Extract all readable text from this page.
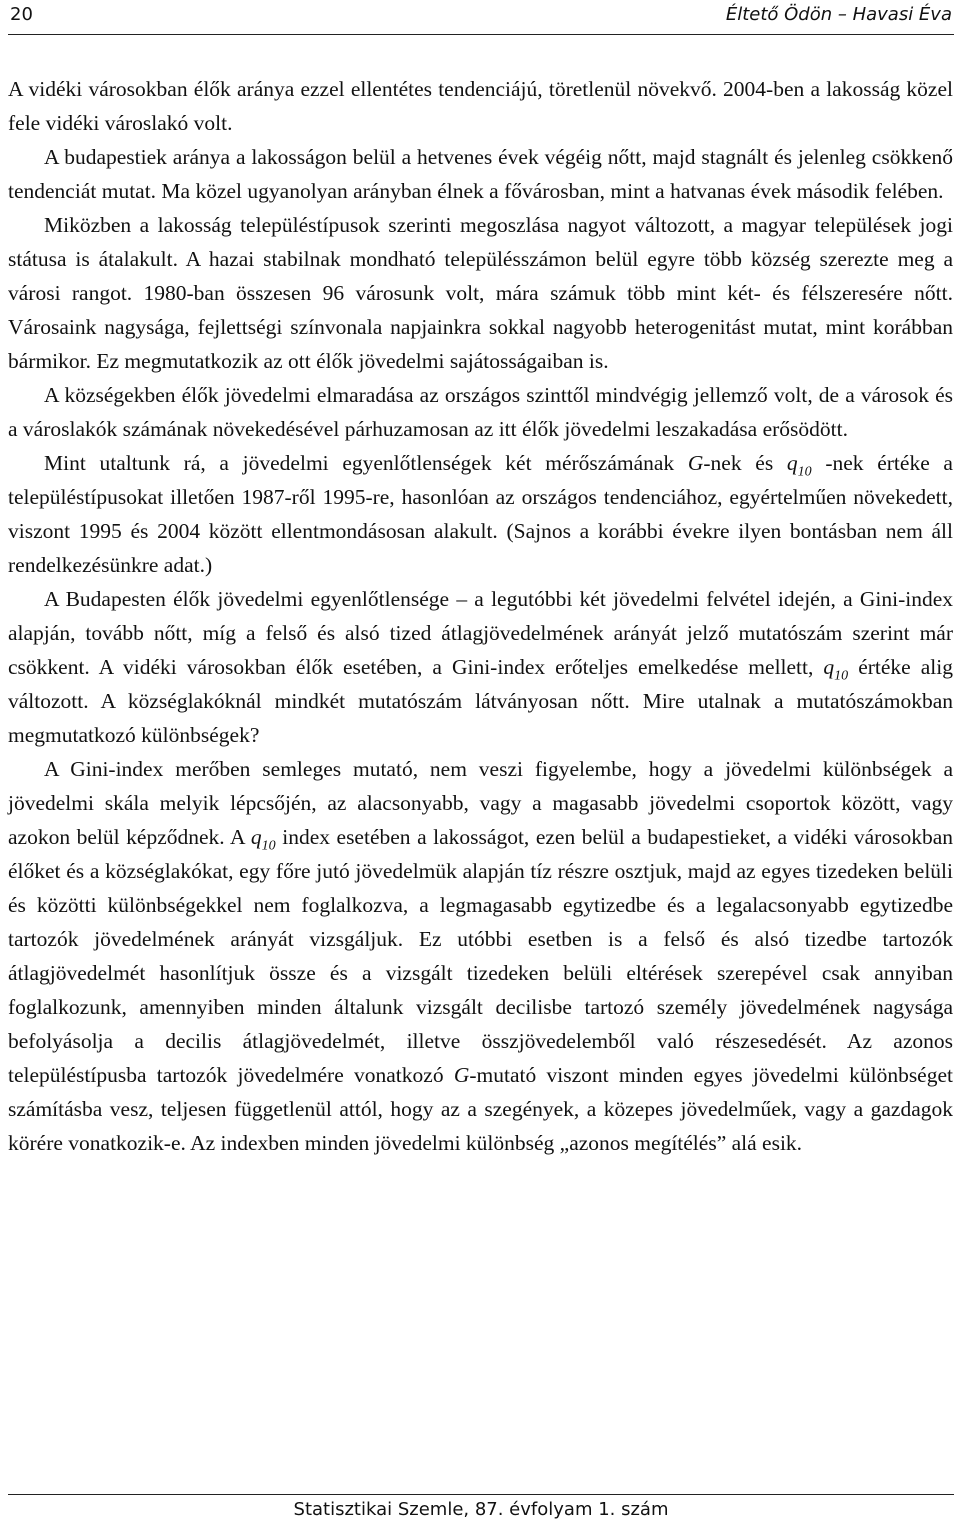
20	Éltető Ödön – Havasi Éva

A vidéki városokban élők aránya ezzel ellentétes tendenciájú, töretlenül növekvő. 2004-ben a lakosság közel fele vidéki városlakó volt.

A budapestiek aránya a lakosságon belül a hetvenes évek végéig nőtt, majd stagnált és jelenleg csökkenő tendenciát mutat. Ma közel ugyanolyan arányban élnek a fővárosban, mint a hatvanas évek második felében.

Miközben a lakosság településtípusok szerinti megoszlása nagyot változott, a magyar települések jogi státusa is átalakult. A hazai stabilnak mondható településszámon belül egyre több község szerezte meg a városi rangot. 1980-ban összesen 96 városunk volt, mára számuk több mint két- és félszeresére nőtt. Városaink nagysága, fejlettségi színvonala napjainkra sokkal nagyobb heterogenitást mutat, mint korábban bármikor. Ez megmutatkozik az ott élők jövedelmi sajátosságaiban is.

A községekben élők jövedelmi elmaradása az országos szinttől mindvégig jellemző volt, de a városok és a városlakók számának növekedésével párhuzamosan az itt élők jövedelmi leszakadása erősödött.

Mint utaltunk rá, a jövedelmi egyenlőtlenségek két mérőszámának G-nek és $q_{10}$ -nek értéke a településtípusokat illetően 1987-ről 1995-re, hasonlóan az országos tendenciához, egyértelműen növekedett, viszont 1995 és 2004 között ellentmondásosan alakult. (Sajnos a korábbi évekre ilyen bontásban nem áll rendelkezésünkre adat.)

A Budapesten élők jövedelmi egyenlőtlensége – a legutóbbi két jövedelmi felvétel idején, a Gini-index alapján, tovább nőtt, míg a felső és alsó tized átlagjövedelmének arányát jelző mutatószám szerint már csökkent. A vidéki városokban élők esetében, a Gini-index erőteljes emelkedése mellett, $q_{10}$ értéke alig változott. A községlakóknál mindkét mutatószám látványosan nőtt. Mire utalnak a mutatószámokban megmutatkozó különbségek?

A Gini-index merőben semleges mutató, nem veszi figyelembe, hogy a jövedelmi különbségek a jövedelmi skála melyik lépcsőjén, az alacsonyabb, vagy a magasabb jövedelmi csoportok között, vagy azokon belül képződnek. A $q_{10}$ index esetében a lakosságot, ezen belül a budapestieket, a vidéki városokban élőket és a községlakókat, egy főre jutó jövedelmük alapján tíz részre osztjuk, majd az egyes tizedeken belüli és közötti különbségekkel nem foglalkozva, a legmagasabb egytizedbe és a legalacsonyabb egytizedbe tartozók jövedelmének arányát vizsgáljuk. Ez utóbbi esetben is a felső és alsó tizedbe tartozók átlagjövedelmét hasonlítjuk össze és a vizsgált tizedeken belüli eltérések szerepével csak annyiban foglalkozunk, amennyiben minden általunk vizsgált decilisbe tartozó személy jövedelmének nagysága befolyásolja a decilis átlagjövedelmét, illetve összjövedelemből való részesedését. Az azonos településtípusba tartozók jövedelmére vonatkozó G-mutató viszont minden egyes jövedelmi különbséget számításba vesz, teljesen függetlenül attól, hogy az a szegények, a közepes jövedelműek, vagy a gazdagok körére vonatkozik-e. Az indexben minden jövedelmi különbség „azonos megítélés” alá esik.

Statisztikai Szemle, 87. évfolyam 1. szám
